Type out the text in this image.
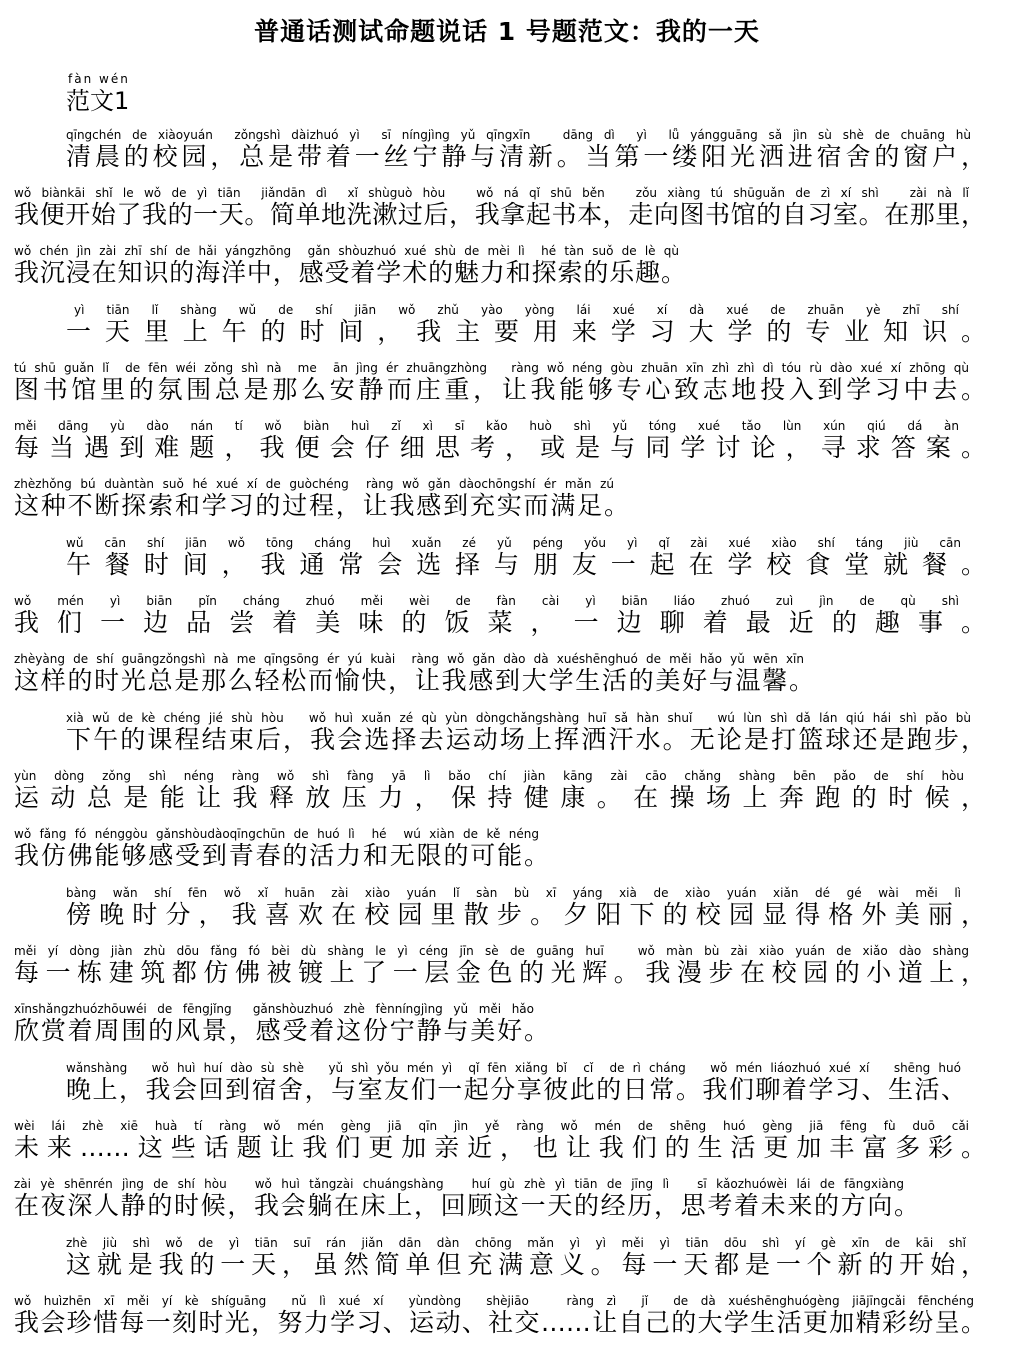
普通话测试命题说话 1 号题范文：我的一天
fàn wén
范文1
qīngchén de xiàoyuán  zǒngshì dàizhuó yì  sī níngjìng yǔ qīngxīn   dāng dì  yì  lǚ yángguāng sǎ jìn sù shè de chuāng hù
清晨的校园，总是带着一丝宁静与清新。当第一缕阳光洒进宿舍的窗户，
wǒ biànkāi shǐ le wǒ de yì tiān  jiǎndān dì  xǐ shùguò hòu   wǒ ná qǐ shū běn   zǒu xiàng tú shūguǎn de zì xí shì   zài nà lǐ
我便开始了我的一天。简单地洗漱过后，我拿起书本，走向图书馆的自习室。在那里，
wǒ chén jìn zài zhī shí de hǎi yángzhōng  gǎn shòuzhuó xué shù de mèi lì  hé tàn suǒ de lè qù
我沉浸在知识的海洋中，感受着学术的魅力和探索的乐趣。
yì  tiān  lǐ  shàng  wǔ  de  shí  jiān  wǒ  zhǔ  yào  yòng  lái  xué  xí  dà  xué  de  zhuān  yè  zhī  shí
一天里上午的时间，我主要用来学习大学的专业知识。
tú shū guǎn lǐ  de fēn wéi zǒng shì nà  me  ān jìng ér zhuāngzhòng   ràng wǒ néng gòu zhuān xīn zhì zhì dì tóu rù dào xué xí zhōng qù
图书馆里的氛围总是那么安静而庄重，让我能够专心致志地投入到学习中去。
měi  dāng  yù  dào  nán  tí  wǒ  biàn  huì  zǐ  xì  sī  kǎo  huò  shì  yǔ  tóng  xué  tǎo  lùn  xún  qiú  dá  àn
每当遇到难题，我便会仔细思考，或是与同学讨论，寻求答案。
zhèzhǒng bú duàntàn suǒ hé xué xí de guòchéng  ràng wǒ gǎn dàochōngshí ér mǎn zú
这种不断探索和学习的过程，让我感到充实而满足。
wǔ  cān  shí  jiān  wǒ  tōng  cháng  huì  xuǎn  zé  yǔ  péng  yǒu  yì  qǐ  zài  xué  xiào  shí  táng  jiù  cān
午餐时间，我通常会选择与朋友一起在学校食堂就餐。
wǒ  mén  yì  biān  pǐn  cháng  zhuó  měi  wèi  de  fàn  cài  yì  biān  liáo  zhuó  zuì  jìn  de  qù  shì
我们一边品尝着美味的饭菜，一边聊着最近的趣事。
zhèyàng de shí guāngzǒngshì nà me qīngsōng ér yú kuài  ràng wǒ gǎn dào dà xuéshēnghuó de měi hǎo yǔ wēn xīn
这样的时光总是那么轻松而愉快，让我感到大学生活的美好与温馨。
xià wǔ de kè chéng jié shù hòu   wǒ huì xuǎn zé qù yùn dòngchǎngshàng huī sǎ hàn shuǐ   wú lùn shì dǎ lán qiú hái shì pǎo bù
下午的课程结束后，我会选择去运动场上挥洒汗水。无论是打篮球还是跑步，
yùn  dòng  zǒng  shì  néng  ràng  wǒ  shì  fàng  yā  lì  bǎo  chí  jiàn  kāng  zài  cāo  chǎng  shàng  bēn  pǎo  de  shí  hòu
运动总是能让我释放压力，保持健康。在操场上奔跑的时候，
wǒ fǎng fó nénggòu gǎnshòudàoqīngchūn de huó lì  hé  wú xiàn de kě néng
我仿佛能够感受到青春的活力和无限的可能。
bàng  wǎn  shí  fēn  wǒ  xǐ  huān  zài  xiào  yuán  lǐ  sàn  bù  xī  yáng  xià  de  xiào  yuán  xiǎn  dé  gé  wài  měi  lì
傍晚时分，我喜欢在校园里散步。夕阳下的校园显得格外美丽，
měi yí dòng jiàn zhù dōu fǎng fó bèi dù shàng le yì céng jīn sè de guāng huī   wǒ màn bù zài xiào yuán de xiǎo dào shàng
每一栋建筑都仿佛被镀上了一层金色的光辉。我漫步在校园的小道上，
xīnshǎngzhuózhōuwéi de fēngjǐng  gǎnshòuzhuó zhè fènníngjìng yǔ měi hǎo
欣赏着周围的风景，感受着这份宁静与美好。
wǎnshàng   wǒ huì huí dào sù shè   yǔ shì yǒu mén yì  qǐ fēn xiǎng bǐ  cǐ  de rì cháng   wǒ mén liáozhuó xué xí   shēng huó
晚上，我会回到宿舍，与室友们一起分享彼此的日常。我们聊着学习、生活、
wèi  lái  zhè  xiē  huà  tí  ràng  wǒ  mén  gèng  jiā  qīn  jìn  yě  ràng  wǒ  mén  de  shēng  huó  gèng  jiā  fēng  fù  duō  cǎi
未来……这些话题让我们更加亲近，也让我们的生活更加丰富多彩。
zài yè shēnrén jìng de shí hòu   wǒ huì tǎngzài chuángshàng   huí gù zhè yì tiān de jīng lì   sī kǎozhuówèi lái de fāngxiàng
在夜深人静的时候，我会躺在床上，回顾这一天的经历，思考着未来的方向。
zhè  jiù  shì  wǒ  de  yì  tiān  suī  rán  jiǎn  dān  dàn  chōng  mǎn  yì  yì  měi  yì  tiān  dōu  shì  yí  gè  xīn  de  kāi  shǐ
这就是我的一天，虽然简单但充满意义。每一天都是一个新的开始，
wǒ huìzhēn xī měi yí kè shíguāng  nǔ lì xué xí  yùndòng  shèjiāo   ràng zì  jǐ  de dà xuéshēnghuógèng jiājīngcǎi fēnchéng
我会珍惜每一刻时光，努力学习、运动、社交……让自己的大学生活更加精彩纷呈。
